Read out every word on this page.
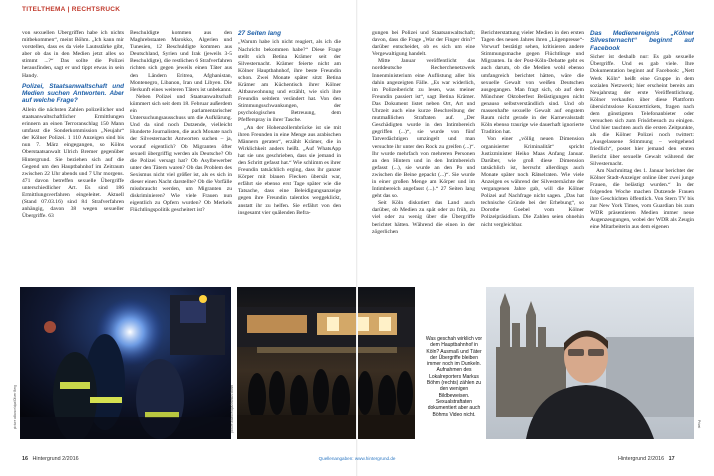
TITELTHEMA | RECHTSRUCK

von sexuellen Übergriffen habe ich nichts mitbekommen“, meint Böhm. „Ich kann mir vorstellen, dass es da viele Lautsstärke gibt, aber ob das in den Medien jetzt alles so stimmt ...?“ Das sollte die Polizei herausfinden, sagt er und tippt etwas in sein Handy.

Polizei, Staatsanwaltschaft und Medien suchen Antworten. Aber auf welche Frage?

Allein die nächsten Zahlen polizeilicher und staatsanwaltschaftlicher Ermittlungen erinnern an einen Terroranschlag 150 Mann umfasst die Sonderkommission „Neujahr“ der Kölner Polizei. 1 110 Anzeigen sind bis nun 7. März eingegangen, so Kölns Oberstaatsanwalt Ulrich Bremer gegenüber Hintergrund. Sie beziehen sich auf die Gegend um den Hauptbahnhof im Zeitraum zwischen 22 Uhr abends und 7 Uhr morgens. 471 davon betreffen sexuelle Übergriffe unterschiedlicher Art. Es sind 186 Ermittlungsverfahren eingeleitet. Aktuell (Stand 07.03.16) sind 84 Strafverfahren anhängig, davon 38 wegen sexueller Übergriffe. 63

Beschuldigte kommen aus den Maghrebstaaten Marokko, Algerien und Tunesien, 12 Beschuldigte kommen aus Deutschland, Syrien und Irak (jeweils 3-5 Beschuldigte), die restlichen 6 Strafverfahren richten sich gegen jeweils einen Täter aus den Ländern Eritrea, Afghanistan, Montenegro, Libanon, Iran und Libyen. Die Herkunft eines weiteren Täters ist unbekannt.

Neben Polizei und Staatsanwaltschaft kümmert sich seit dem 18. Februar außerdem ein parlamentarischer Untersuchungsausschuss um die Aufklärung. Und da sind noch Dutzende, vielleicht Hunderte Journalisten, die auch Monate nach der Silvesternacht Antworten suchen – ja, worauf eigentlich? Ob Migranten öfter sexuell übergriffig werden als Deutsche? Ob die Polizei versagt hat? Ob Asylbewerber unter den Tätern waren? Ob das Problem des Sexismus nicht viel größer ist, als es sich in dieser einen Nacht darstellte? Ob die Vorfälle missbraucht werden, um Migranten zu diskriminieren? Wie viele Frauen nun eigentlich zu Opfern wurden? Ob Merkels Flüchtlingspolitik gescheitert ist?

27 Seiten lang

„Warum habe ich nicht reagiert, als ich die Nachricht bekommen habe?“ Diese Frage stellt sich Betina Krämer seit der Silvesternacht. Krämer feierte nicht am Kölner Hauptbahnhof, ihre beste Freundin schon. Zwei Monate später sitzt Betina Krämer am Küchentisch ihrer Kölner Altbauwohnung und erzählt, wie sich ihre Freundin seitdem verändert hat. Von den Stimmungsschwankungen, der psychologischen Betreuung, dem Pfefferspray in ihrer Tasche.

„An der Hohenzollernbrücke ist sie mit ihren Freunden in eine Menge aus arabischen Männern geraten“, erzählt Krämer, die in Wirklichkeit anders heißt. „Auf WhatsApp hat sie uns geschrieben, dass sie jemand in den Schritt gefasst hat.“ Wie schlimm es ihrer Freundin tatsächlich erging, dass ihr ganzer Körper mit blauen Flecken übersät war, erfährt sie ebenso erst Tage später wie die Tatsache, dass eine Beleidigungsanzeige gegen ihre Freundin talentlos weggeklickt, anstatt ihr zu helfen. Sie erfährt von den insgesamt vier quälenden Befra-

gungen bei Polizei und Staatsanwaltschaft; davon, dass die Frage „War der Finger drin?“ darüber entscheidet, ob es sich um eine Vergewaltigung handelt.

Mitte Januar veröffentlicht das norddeutsche Recherchenetzwerk Innenministerium eine Auflistung aller bis dahin angezeigten Fälle. „Es war widerlich, im Polizeibericht zu lesen, was meiner Freundin passiert ist“, sagt Betina Krämer. Das Dokument listet neben Ort, Art und Uhrzeit auch eine kurze Beschreibung der mutmaßlichen Straftaten auf. „Der Geschädigten wurde in den Intimbereich gegriffen (...)“, sie wurde von fünf Tatverdächtigen umzingelt und man versuchte ihr unter den Rock zu greifen (...)“. Ihr wurde mehrfach von mehreren Personen an den Hintern und in den Intimbereich gefasst (...), sie wurde an den Po und zwischen die Beine gepackt (...)“. Sie wurde in einer großen Menge am Körper und im Intimbereich angefasst (...).“ 27 Seiten lang geht das so.

Seit Köln diskutiert das Land auch darüber, ob Medien zu spät oder zu früh, zu viel oder zu wenig über die Übergriffe berichtet hätten. Während die einen in der zögerlichen

Berichterstattung vieler Medien in den ersten Tagen des neuen Jahres ihren „Lügenpresse“-Vorwurf bestätigt sehen, kritisieren andere Stimmungsmache gegen Flüchtlinge und Migranten. In der Post-Köln-Debatte geht es auch darum, ob die Medien wohl ebenso umfangreich berichtet hätten, wäre die sexuelle Gewalt von weißen Deutschen ausgegangen. Man fragt sich, ob auf dem Münchner Oktoberfest Belästigungen nicht genauso selbstverständlich sind. Und ob massenhafte sexuelle Gewalt auf engstem Raum nicht gerade in der Karnevalsstadt Köln ebenso traurige wie dauerhaft ignorierte Tradition hat.

Von einer „völlig neuen Dimension organisierter Kriminalität“ spricht Justizminister Heiko Maas Anfang Januar. Darüber, wie groß diese Dimension tatsächlich ist, herrscht allerdings auch Monate später noch Rätselraten. Wie viele Anzeigen es während der Silvesternächte der vergangenen Jahre gab, will die Kölner Polizei auf Nachfrage nicht sagen. „Das hat technische Gründe bei der Erhebung“, so Dorothe Goebel vom Kölner Polizeipräsidium. Die Zahlen seien ohnehin nicht vergleichbar.

Das Medienereignis „Kölner Silvesternacht“ beginnt auf Facebook

Sicher ist deshalb nur: Es gab sexuelle Übergriffe. Und es gab viele. Ihre Dokumentation beginnt auf Facebook: „Nett Werk Köln“ heißt eine Gruppe in dem sozialen Netzwerk; hier erscheint bereits am Neujahrstag der erste Veröffentlichung. Kölner verkaufen über diese Plattform übersichtsslose Konzerttickets, fragen nach dem günstigsten Telefonanbieter oder versuchen sich zum Frisörbesuch zu einigen. Und hier tauchten auch die ersten Zeitpunkte, als die Kölner Polizei noch twittert: „Ausgelassene Stimmung – weitgehend friedlich“, postet hier jemand den ersten Bericht über sexuelle Gewalt während der Silvesternacht.

Am Nachmittag des 1. Januar berichtet der Kölner Stadt-Anzeiger online über zwei junge Frauen, die belästigt wurden.“ In der folgenden Woche machen Dutzende Frauen ihre Geschichten öffentlich. Von Stern TV bis zur New York Times, vom Guardian bis zum WDR präsentieren Medien immer neue Augenzeugungen, wobei der WDR als Zeugin eine Mitarbeiterin aus dem eigenen

picture alliance/dpa/Oliver Berg	picture alliance/dpa/Markus Böhm	Privat
Was geschah wirklich vor dem Hauptbahnhof in Köln? Ausmaß und Täter der Übergriffe bleiben immer noch im Dunkeln. Aufnahmen des Lokalreporters Markus Böhm (rechts) zählen zu den wenigen Bildbeweisen. Sexualstraftaten dokumentiert aber auch Böhms Video nicht.
16 Hintergrund 2/2016	Quellenangaben: www.hintergrund.de	Hintergrund 2/2016 17
